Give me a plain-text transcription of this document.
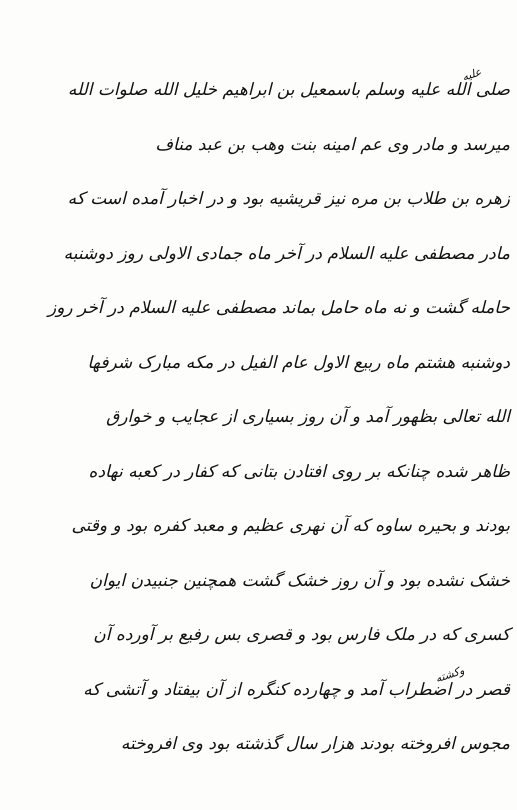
صلی الله علیه وسلم باسمعیل بن ابراهیم خلیل الله صلوات الله
میرسد و مادر وی عم امینه بنت وهب بن عبد مناف
زهره بن طلاب بن مره نیز قریشیه بود و در اخبار آمده است که
مادر مصطفی علیه السلام در آخر ماه جمادی الاولی روز دوشنبه
حامله گشت و نه ماه حامل بماند مصطفی علیه السلام در آخر روز
دوشنبه هشتم ماه ربیع الاول عام الفیل در مکه مبارک شرفها
الله تعالی بظهور آمد و آن روز بسیاری از عجایب و خوارق
ظاهر شده چنانکه بر روی افتادن بتانی که کفار در کعبه نهاده
بودند و بحیره ساوه که آن نهری عظیم و معبد کفره بود و وقتی
خشک نشده بود و آن روز خشک گشت همچنین جنبیدن ایوان
کسری که در ملک فارس بود و قصری بس رفیع بر آورده آن
قصر در اضطراب آمد و چهارده کنگره از آن بیفتاد و آتشی که
مجوس افروخته بودند هزار سال گذشته بود وی افروخته
علیه
وکشته
